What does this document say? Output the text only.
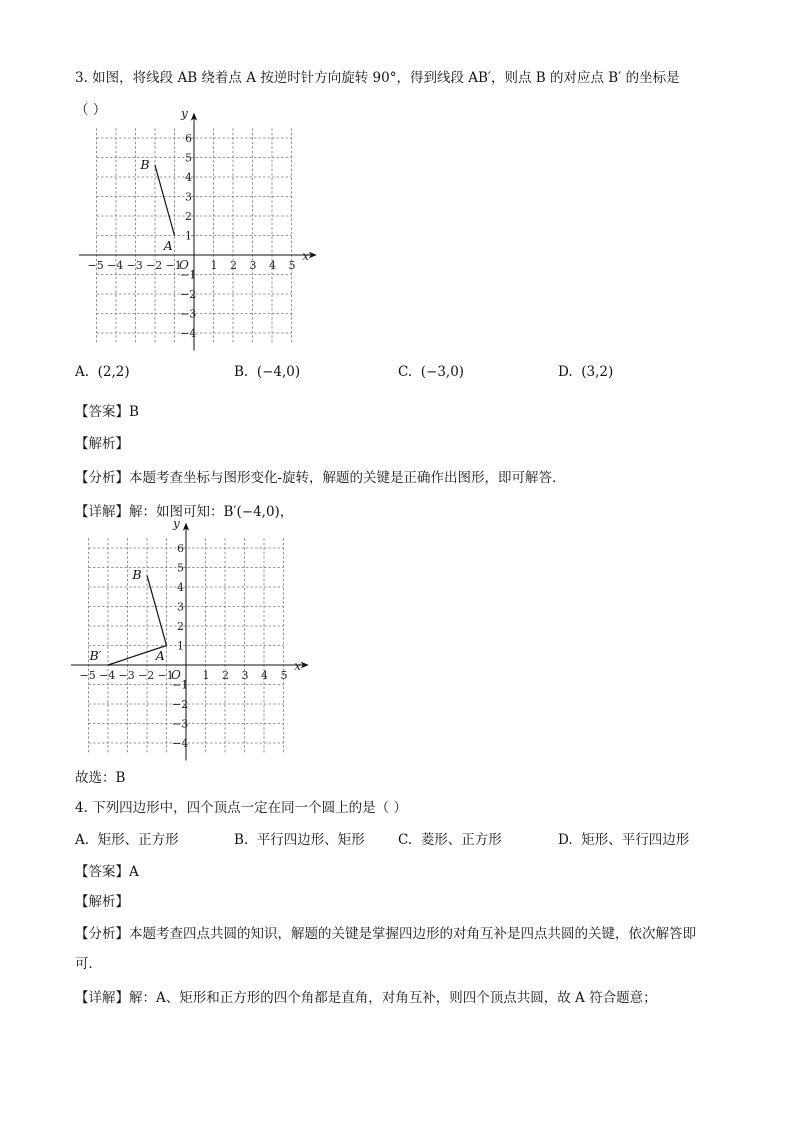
3. 如图，将线段 AB 绕着点 A 按逆时针方向旋转 90°，得到线段 AB′，则点 B 的对应点 B′ 的坐标是
（ ）
x
y
O
−5 −4 −3 −2 −1	1 2 3 4 5
6
5
4
3
2
1
−1
−2
−3
−4
B
A
A. (2,2)	B. (−4,0)	C. (−3,0)	D. (3,2)
【答案】B
【解析】
【分析】本题考查坐标与图形变化-旋转，解题的关键是正确作出图形，即可解答．
【详解】解：如图可知：B′(−4,0)，
x
y
O
−5 −4 −3 −2 −1	1 2 3 4 5
6
5
4
3
2
1
−1
−2
−3
−4
B
A
B′
故选：B
4. 下列四边形中，四个顶点一定在同一个圆上的是（ ）
A. 矩形、正方形	B. 平行四边形、矩形 C. 菱形、正方形	D. 矩形、平行四边形
【答案】A
【解析】
【分析】本题考查四点共圆的知识，解题的关键是掌握四边形的对角互补是四点共圆的关键，依次解答即
可．
【详解】解：A、矩形和正方形的四个角都是直角，对角互补，则四个顶点共圆，故 A 符合题意；
